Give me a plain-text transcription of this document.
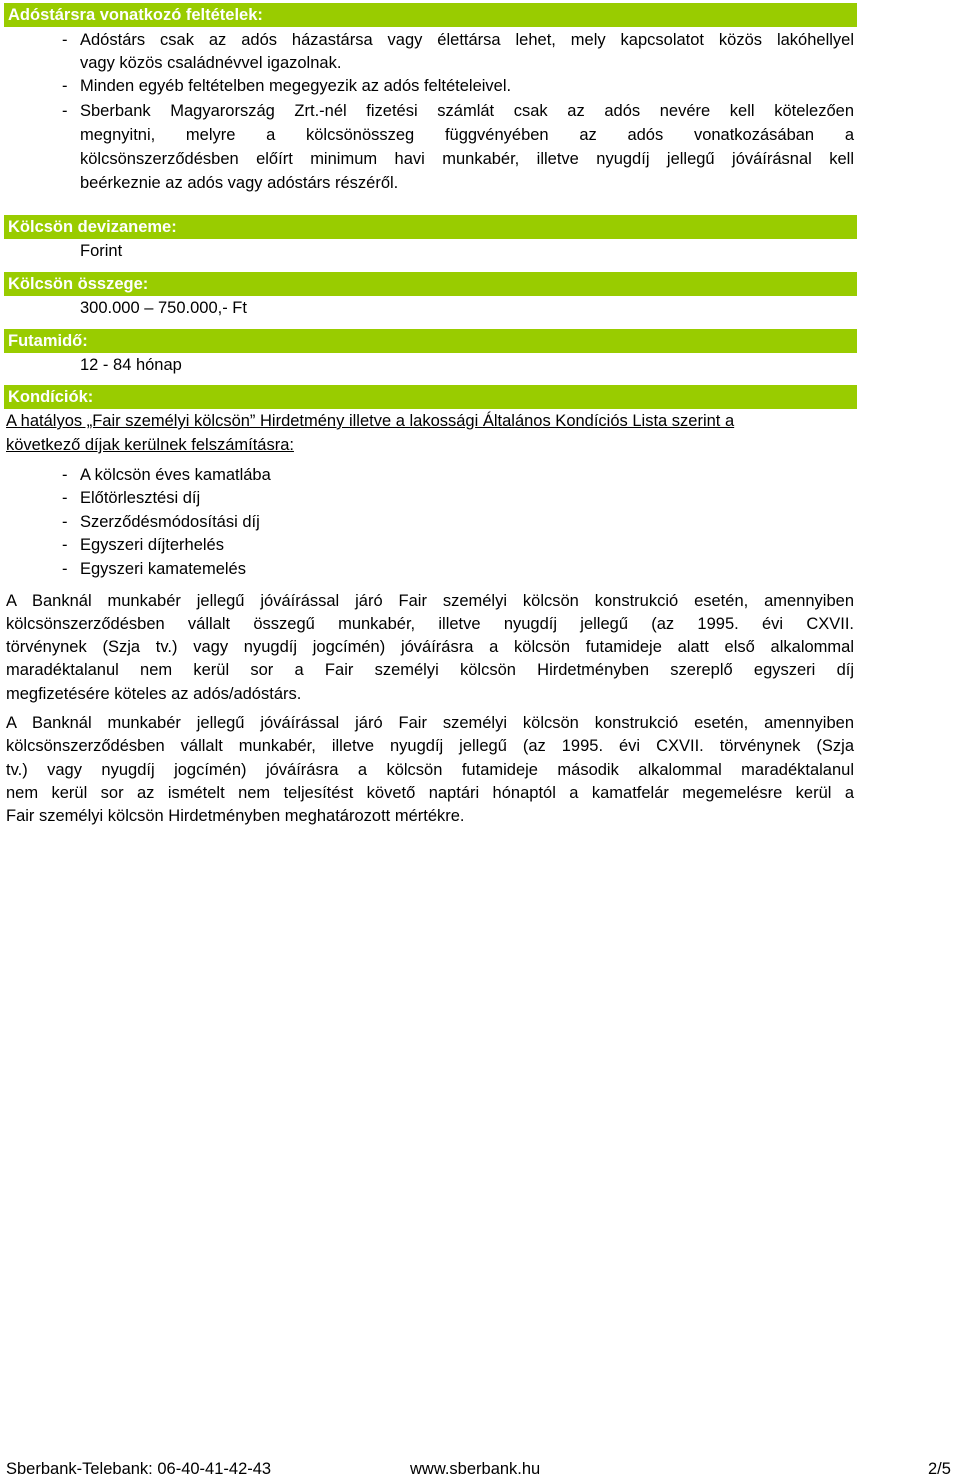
Adóstársra vonatkozó feltételek:
- Adóstárs csak az adós házastársa vagy élettársa lehet, mely kapcsolatot közös lakóhellyel
vagy közös családnévvel igazolnak.
- Minden egyéb feltételben megegyezik az adós feltételeivel.
- Sberbank Magyarország Zrt.-nél fizetési számlát csak az adós nevére kell kötelezően
megnyitni, melyre a kölcsönösszeg függvényében az adós vonatkozásában a
kölcsönszerződésben előírt minimum havi munkabér, illetve nyugdíj jellegű jóváírásnal kell
beérkeznie az adós vagy adóstárs részéről.
Kölcsön devizaneme:
Forint
Kölcsön összege:
300.000 – 750.000,- Ft
Futamidő:
12 - 84 hónap
Kondíciók:
A hatályos „Fair személyi kölcsön” Hirdetmény illetve a lakossági Általános Kondíciós Lista szerint a
következő díjak kerülnek felszámításra:
- A kölcsön éves kamatlába
- Előtörlesztési díj
- Szerződésmódosítási díj
- Egyszeri díjterhelés
- Egyszeri kamatemelés
A Banknál munkabér jellegű jóváírással járó Fair személyi kölcsön konstrukció esetén, amennyiben
kölcsönszerződésben vállalt összegű munkabér, illetve nyugdíj jellegű (az 1995. évi CXVII.
törvénynek (Szja tv.) vagy nyugdíj jogcímén) jóváírásra a kölcsön futamideje alatt első alkalommal
maradéktalanul nem kerül sor a Fair személyi kölcsön Hirdetményben szereplő egyszeri díj
megfizetésére köteles az adós/adóstárs.
A Banknál munkabér jellegű jóváírással járó Fair személyi kölcsön konstrukció esetén, amennyiben
kölcsönszerződésben vállalt munkabér, illetve nyugdíj jellegű (az 1995. évi CXVII. törvénynek (Szja
tv.) vagy nyugdíj jogcímén) jóváírásra a kölcsön futamideje második alkalommal maradéktalanul
nem kerül sor az ismételt nem teljesítést követő naptári hónaptól a kamatfelár megemelésre kerül a
Fair személyi kölcsön Hirdetményben meghatározott mértékre.
Sberbank-Telebank: 06-40-41-42-43	www.sberbank.hu	2/5
